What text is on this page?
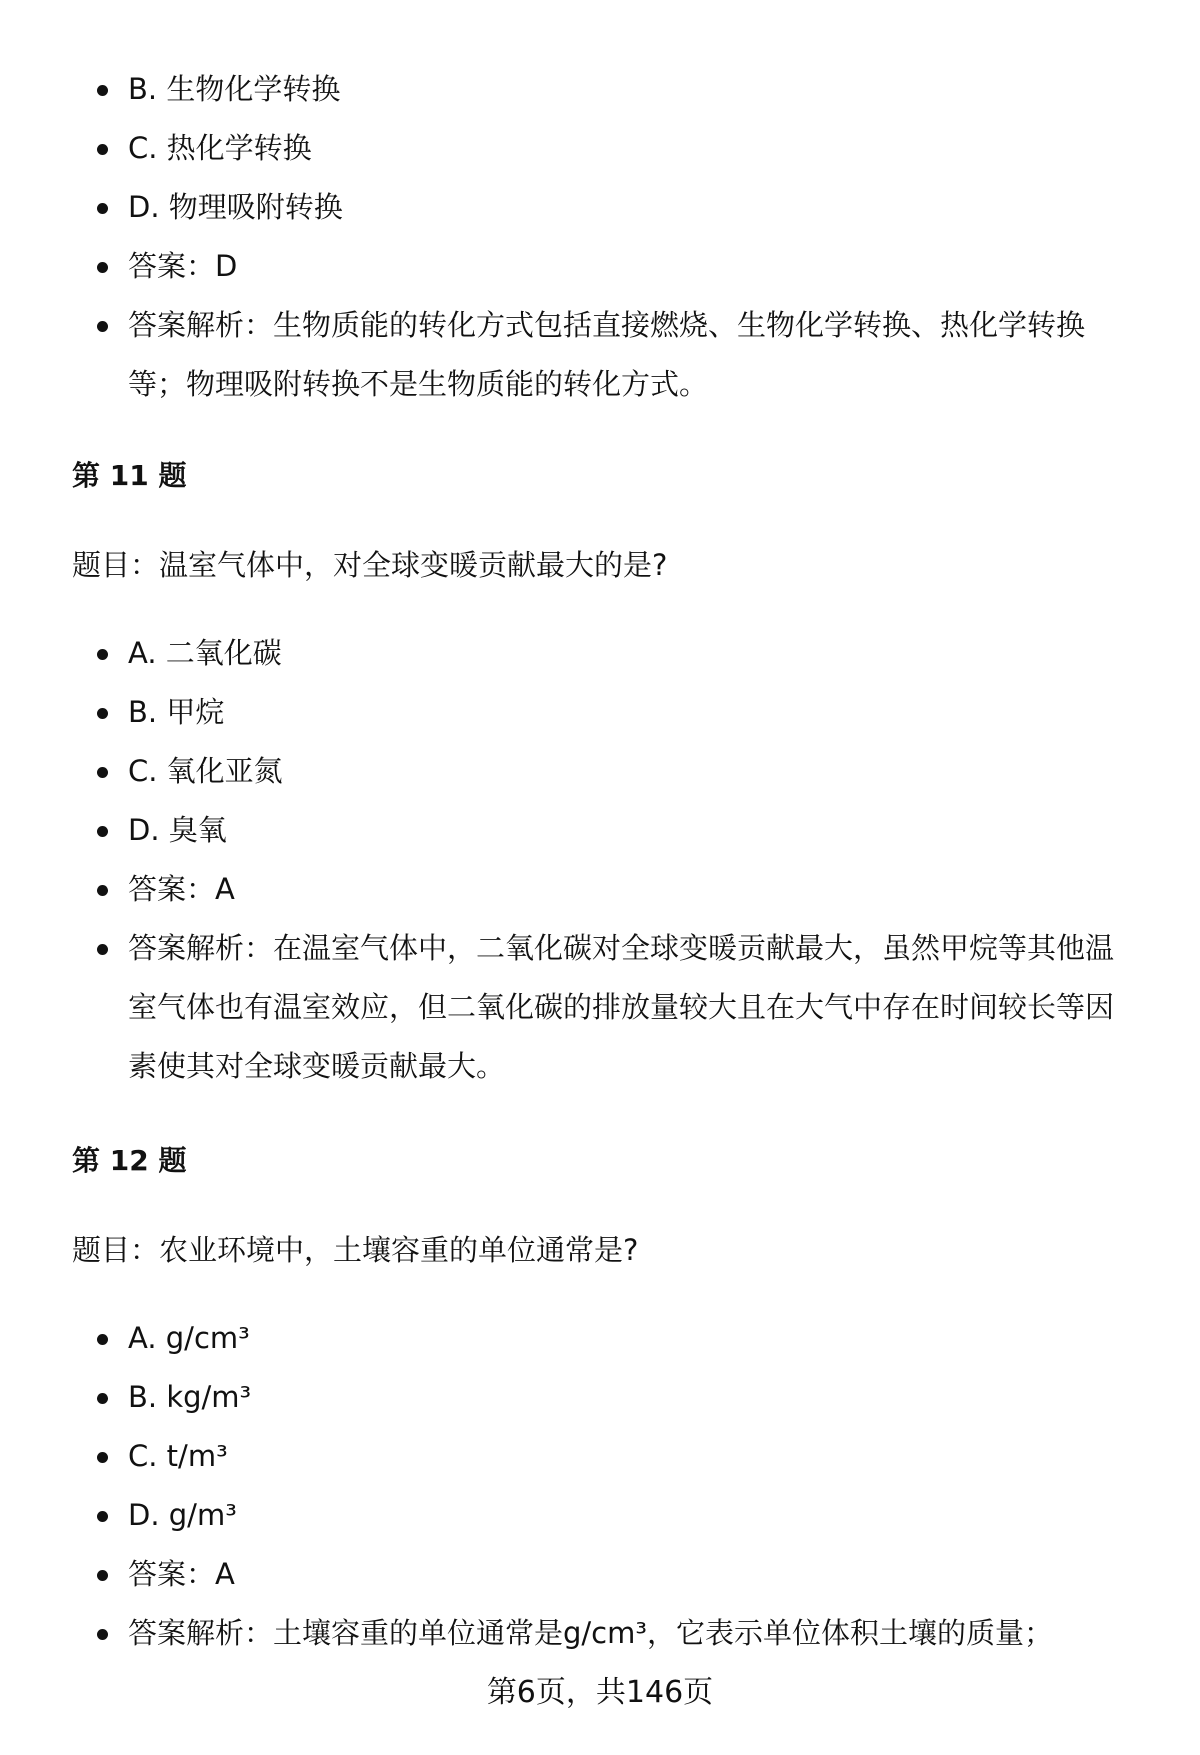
B. 生物化学转换
C. 热化学转换
D. 物理吸附转换
答案：D
答案解析：生物质能的转化方式包括直接燃烧、生物化学转换、热化学转换等；物理吸附转换不是生物质能的转化方式。
第 11 题
题目：温室气体中，对全球变暖贡献最大的是?
A. 二氧化碳
B. 甲烷
C. 氧化亚氮
D. 臭氧
答案：A
答案解析：在温室气体中，二氧化碳对全球变暖贡献最大，虽然甲烷等其他温室气体也有温室效应，但二氧化碳的排放量较大且在大气中存在时间较长等因素使其对全球变暖贡献最大。
第 12 题
题目：农业环境中，土壤容重的单位通常是?
A. g/cm³
B. kg/m³
C. t/m³
D. g/m³
答案：A
答案解析：土壤容重的单位通常是g/cm³，它表示单位体积土壤的质量；
第6页，共146页
